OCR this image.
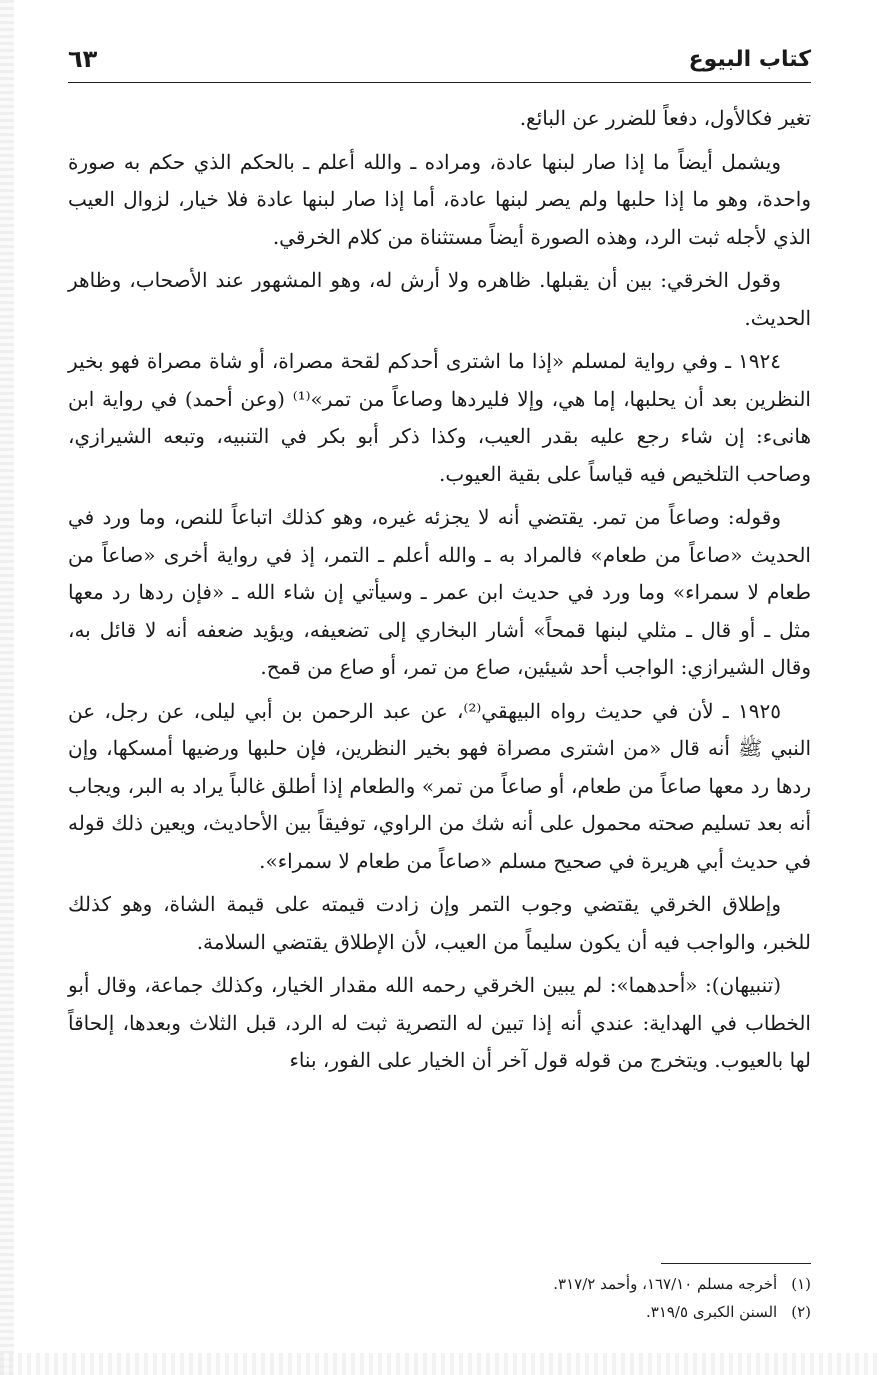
كتاب البيوع
٦٣

تغير فكالأول، دفعاً للضرر عن البائع.

ويشمل أيضاً ما إذا صار لبنها عادة، ومراده ـ والله أعلم ـ بالحكم الذي حكم به صورة واحدة، وهو ما إذا حلبها ولم يصر لبنها عادة، أما إذا صار لبنها عادة فلا خيار، لزوال العيب الذي لأجله ثبت الرد، وهذه الصورة أيضاً مستثناة من كلام الخرقي.

وقول الخرقي: بين أن يقبلها. ظاهره ولا أرش له، وهو المشهور عند الأصحاب، وظاهر الحديث.

١٩٢٤ ـ وفي رواية لمسلم «إذا ما اشترى أحدكم لقحة مصراة، أو شاة مصراة فهو بخير النظرين بعد أن يحلبها، إما هي، وإلا فليردها وصاعاً من تمر»⁽¹⁾ (وعن أحمد) في رواية ابن هانىء: إن شاء رجع عليه بقدر العيب، وكذا ذكر أبو بكر في التنبيه، وتبعه الشيرازي، وصاحب التلخيص فيه قياساً على بقية العيوب.

وقوله: وصاعاً من تمر. يقتضي أنه لا يجزئه غيره، وهو كذلك اتباعاً للنص، وما ورد في الحديث «صاعاً من طعام» فالمراد به ـ والله أعلم ـ التمر، إذ في رواية أخرى «صاعاً من طعام لا سمراء» وما ورد في حديث ابن عمر ـ وسيأتي إن شاء الله ـ «فإن ردها رد معها مثل ـ أو قال ـ مثلي لبنها قمحاً» أشار البخاري إلى تضعيفه، ويؤيد ضعفه أنه لا قائل به، وقال الشيرازي: الواجب أحد شيئين، صاع من تمر، أو صاع من قمح.

١٩٢٥ ـ لأن في حديث رواه البيهقي⁽²⁾، عن عبد الرحمن بن أبي ليلى، عن رجل، عن النبي ﷺ أنه قال «من اشترى مصراة فهو بخير النظرين، فإن حلبها ورضيها أمسكها، وإن ردها رد معها صاعاً من طعام، أو صاعاً من تمر» والطعام إذا أطلق غالباً يراد به البر، ويجاب أنه بعد تسليم صحته محمول على أنه شك من الراوي، توفيقاً بين الأحاديث، ويعين ذلك قوله في حديث أبي هريرة في صحيح مسلم «صاعاً من طعام لا سمراء».

وإطلاق الخرقي يقتضي وجوب التمر وإن زادت قيمته على قيمة الشاة، وهو كذلك للخبر، والواجب فيه أن يكون سليماً من العيب، لأن الإطلاق يقتضي السلامة.

(تنبيهان): «أحدهما»: لم يبين الخرقي رحمه الله مقدار الخيار، وكذلك جماعة، وقال أبو الخطاب في الهداية: عندي أنه إذا تبين له التصرية ثبت له الرد، قبل الثلاث وبعدها، إلحاقاً لها بالعيوب. ويتخرج من قوله قول آخر أن الخيار على الفور، بناء

(١)
أخرجه مسلم ١٦٧/١٠، وأحمد ٣١٧/٢.
(٢)
السنن الكبرى ٣١٩/٥.
